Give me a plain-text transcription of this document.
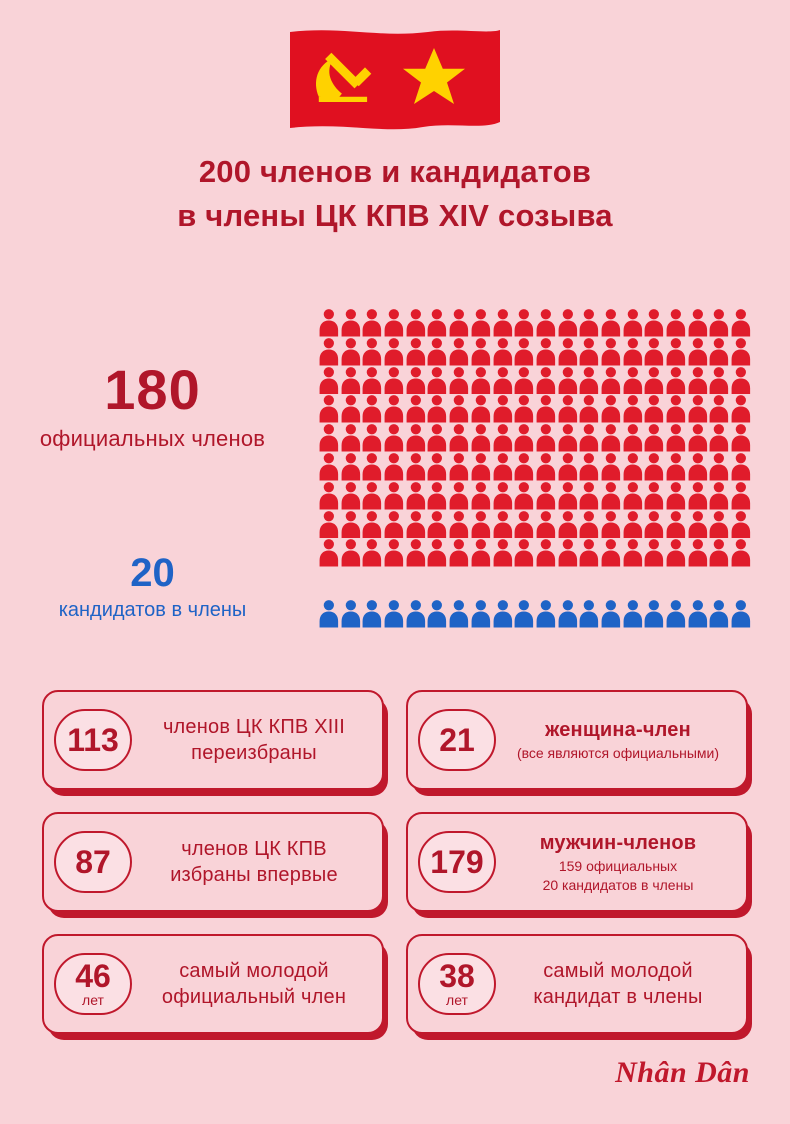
200 членов и кандидатов
в члены ЦК КПВ XIV созыва
180
официальных членов
20
кандидатов в члены
113	членов ЦК КПВ XIII
переизбраны	21	женщина-член
(все являются официальными)
87	членов ЦК КПВ
избраны впервые	179
мужчин-членов
159 официальных
20 кандидатов в члены
46
лет
самый молодой
официальный член
38
лет
самый молодой
кандидат в члены
Nhân Dân
